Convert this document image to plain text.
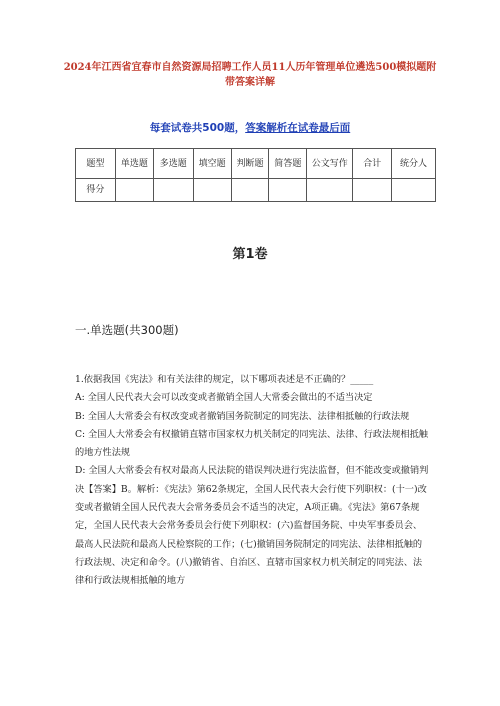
2024年江西省宜春市自然资源局招聘工作人员11人历年管理单位遴选500模拟题附带答案详解
每套试卷共500题，答案解析在试卷最后面
题型	单选题	多选题	填空题	判断题	简答题	公文写作	合计	统分人
得分								
第1卷
一.单选题(共300题)

1.依据我国《宪法》和有关法律的规定，以下哪项表述是不正确的？_____

A: 全国人民代表大会可以改变或者撤销全国人大常委会做出的不适当决定

B: 全国人大常委会有权改变或者撤销国务院制定的同宪法、法律相抵触的行政法规

C: 全国人大常委会有权撤销直辖市国家权力机关制定的同宪法、法律、行政法规相抵触的地方性法规

D: 全国人大常委会有权对最高人民法院的错误判决进行宪法监督，但不能改变或撤销判决【答案】B。解析：《宪法》第62条规定，全国人民代表大会行使下列职权：(十一)改变或者撤销全国人民代表大会常务委员会不适当的决定，A项正确。《宪法》第67条规定，全国人民代表大会常务委员会行使下列职权：(六)监督国务院、中央军事委员会、最高人民法院和最高人民检察院的工作；(七)撤销国务院制定的同宪法、法律相抵触的行政法规、决定和命令。(八)撤销省、自治区、直辖市国家权力机关制定的同宪法、法律和行政法规相抵触的地方
